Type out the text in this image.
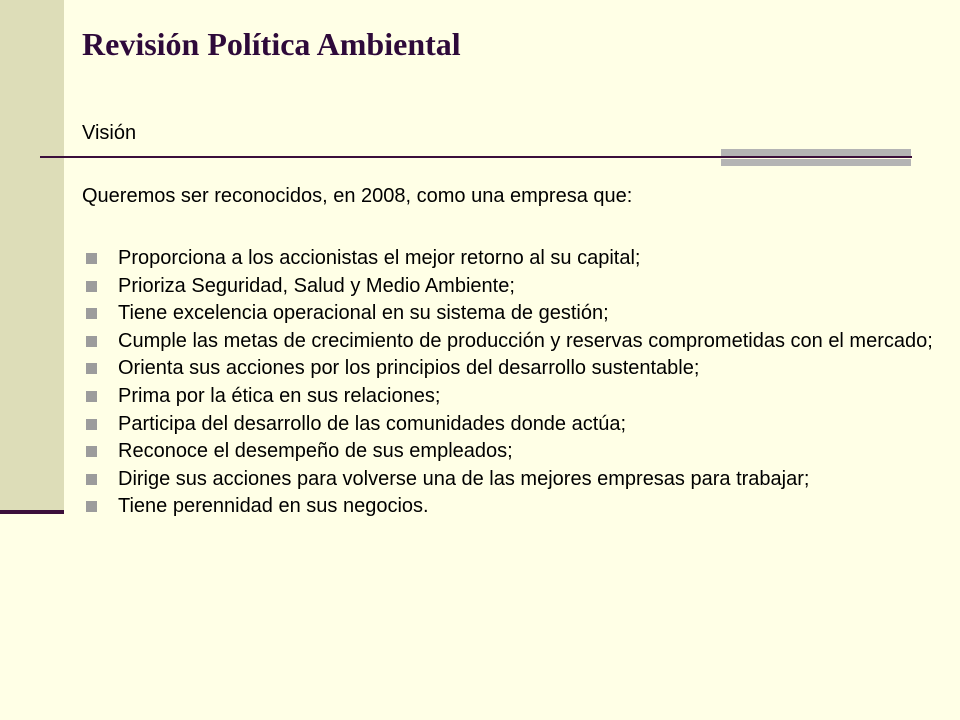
Revisión Política Ambiental
Visión
Queremos ser reconocidos, en 2008, como una empresa que:
Proporciona a los accionistas el mejor retorno al su capital;
Prioriza Seguridad, Salud y Medio Ambiente;
Tiene excelencia operacional en su sistema de gestión;
Cumple las metas de crecimiento de producción y reservas comprometidas con el mercado;
Orienta sus acciones por los principios del desarrollo sustentable;
Prima por la ética en sus relaciones;
Participa del desarrollo de las comunidades donde actúa;
Reconoce el desempeño de sus empleados;
Dirige sus acciones para volverse una de las mejores empresas para trabajar;
Tiene perennidad en sus negocios.
